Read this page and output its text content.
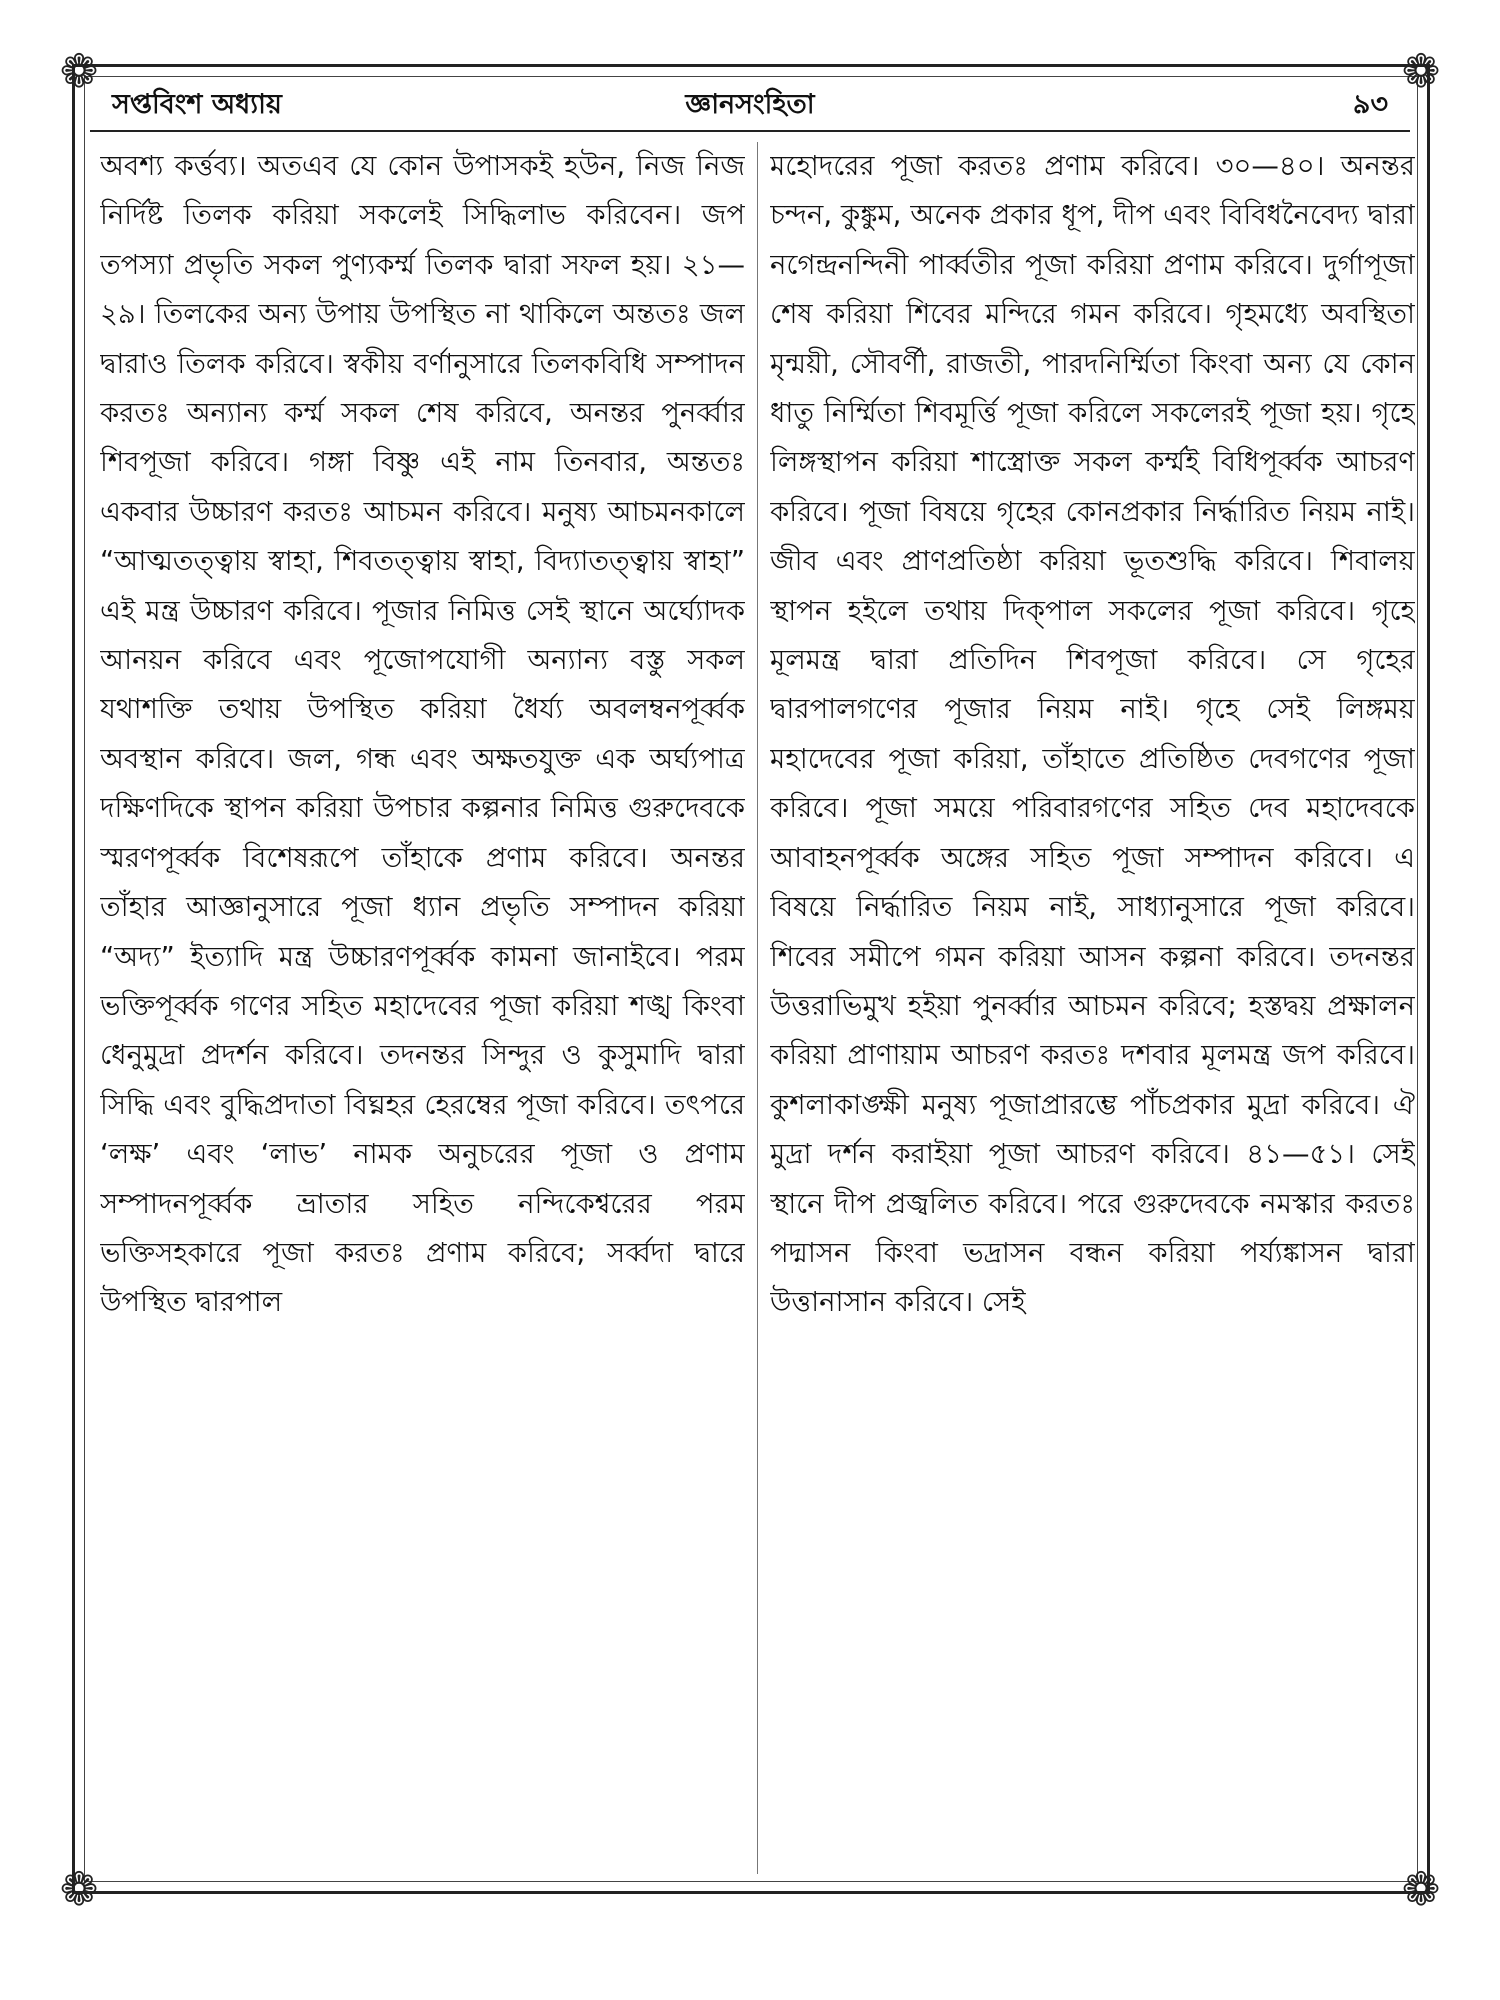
❁	❁
❁	❁
জ্ঞানসংহিতা
সপ্তবিংশ অধ্যায়	৯৩
অবশ্য কর্ত্তব্য। অতএব যে কোন উপাসকই হউন, নিজ নিজ নির্দিষ্ট তিলক করিয়া সকলেই সিদ্ধিলাভ করিবেন। জপ তপস্যা প্রভৃতি সকল পুণ্যকর্ম্ম তিলক দ্বারা সফল হয়। ২১—২৯। তিলকের অন্য উপায় উপস্থিত না থাকিলে অন্ততঃ জল দ্বারাও তিলক করিবে। স্বকীয় বর্ণানুসারে তিলকবিধি সম্পাদন করতঃ অন্যান্য কর্ম্ম সকল শেষ করিবে, অনন্তর পুনর্ব্বার শিবপূজা করিবে। গঙ্গা বিষ্ণু এই নাম তিনবার, অন্ততঃ একবার উচ্চারণ করতঃ আচমন করিবে। মনুষ্য আচমনকালে “আত্মতত্ত্বায় স্বাহা, শিবতত্ত্বায় স্বাহা, বিদ্যাতত্ত্বায় স্বাহা” এই মন্ত্র উচ্চারণ করিবে। পূজার নিমিত্ত সেই স্থানে অর্ঘ্যোদক আনয়ন করিবে এবং পূজোপযোগী অন্যান্য বস্তু সকল যথাশক্তি তথায় উপস্থিত করিয়া ধৈর্য্য অবলম্বনপূর্ব্বক অবস্থান করিবে। জল, গন্ধ এবং অক্ষতযুক্ত এক অর্ঘ্যপাত্র দক্ষিণদিকে স্থাপন করিয়া উপচার কল্পনার নিমিত্ত গুরুদেবকে স্মরণপূর্ব্বক বিশেষরূপে তাঁহাকে প্রণাম করিবে। অনন্তর তাঁহার আজ্ঞানুসারে পূজা ধ্যান প্রভৃতি সম্পাদন করিয়া “অদ্য” ইত্যাদি মন্ত্র উচ্চারণপূর্ব্বক কামনা জানাইবে। পরম ভক্তিপূর্ব্বক গণের সহিত মহাদেবের পূজা করিয়া শঙ্খ কিংবা ধেনুমুদ্রা প্রদর্শন করিবে। তদনন্তর সিন্দুর ও কুসুমাদি দ্বারা সিদ্ধি এবং বুদ্ধিপ্রদাতা বিঘ্নহর হেরম্বের পূজা করিবে। তৎপরে ‘লক্ষ’ এবং ‘লাভ’ নামক অনুচরের পূজা ও প্রণাম সম্পাদনপূর্ব্বক ভ্রাতার সহিত নন্দিকেশ্বরের পরম ভক্তিসহকারে পূজা করতঃ প্রণাম করিবে; সর্ব্বদা দ্বারে উপস্থিত দ্বারপাল
মহোদরের পূজা করতঃ প্রণাম করিবে। ৩০—৪০। অনন্তর চন্দন, কুঙ্কুম, অনেক প্রকার ধূপ, দীপ এবং বিবিধনৈবেদ্য দ্বারা নগেন্দ্রনন্দিনী পার্ব্বতীর পূজা করিয়া প্রণাম করিবে। দুর্গাপূজা শেষ করিয়া শিবের মন্দিরে গমন করিবে। গৃহমধ্যে অবস্থিতা মৃন্ময়ী, সৌবর্ণী, রাজতী, পারদনির্ম্মিতা কিংবা অন্য যে কোন ধাতু নির্ম্মিতা শিবমূর্ত্তি পূজা করিলে সকলেরই পূজা হয়। গৃহে লিঙ্গস্থাপন করিয়া শাস্ত্রোক্ত সকল কর্ম্মই বিধিপূর্ব্বক আচরণ করিবে। পূজা বিষয়ে গৃহের কোনপ্রকার নির্দ্ধারিত নিয়ম নাই। জীব এবং প্রাণপ্রতিষ্ঠা করিয়া ভূতশুদ্ধি করিবে। শিবালয় স্থাপন হইলে তথায় দিক্‌পাল সকলের পূজা করিবে। গৃহে মূলমন্ত্র দ্বারা প্রতিদিন শিবপূজা করিবে। সে গৃহের দ্বারপালগণের পূজার নিয়ম নাই। গৃহে সেই লিঙ্গময় মহাদেবের পূজা করিয়া, তাঁহাতে প্রতিষ্ঠিত দেবগণের পূজা করিবে। পূজা সময়ে পরিবারগণের সহিত দেব মহাদেবকে আবাহনপূর্ব্বক অঙ্গের সহিত পূজা সম্পাদন করিবে। এ বিষয়ে নির্দ্ধারিত নিয়ম নাই, সাধ্যানুসারে পূজা করিবে। শিবের সমীপে গমন করিয়া আসন কল্পনা করিবে। তদনন্তর উত্তরাভিমুখ হইয়া পুনর্ব্বার আচমন করিবে; হস্তদ্বয় প্রক্ষালন করিয়া প্রাণায়াম আচরণ করতঃ দশবার মূলমন্ত্র জপ করিবে। কুশলাকাঙ্ক্ষী মনুষ্য পূজাপ্রারম্ভে পাঁচপ্রকার মুদ্রা করিবে। ঐ মুদ্রা দর্শন করাইয়া পূজা আচরণ করিবে। ৪১—৫১। সেই স্থানে দীপ প্রজ্বলিত করিবে। পরে গুরুদেবকে নমস্কার করতঃ পদ্মাসন কিংবা ভদ্রাসন বন্ধন করিয়া পর্য্যঙ্কাসন দ্বারা উত্তানাসান করিবে। সেই
